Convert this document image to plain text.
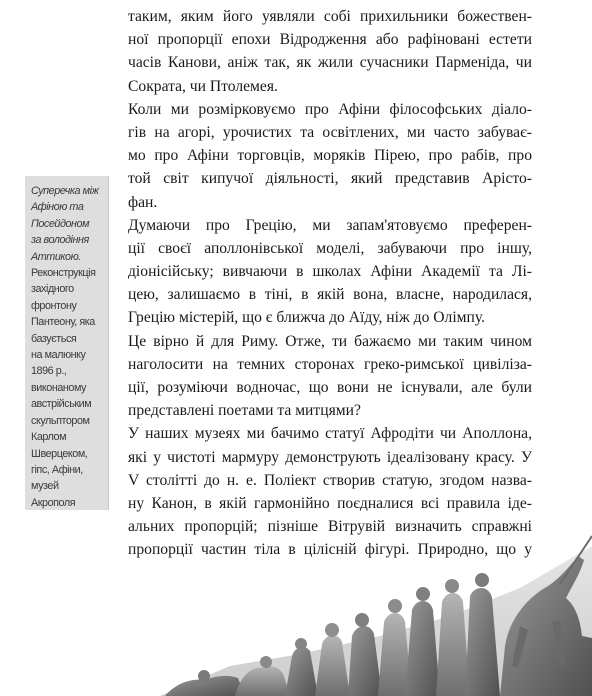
Суперечка між
Афіною та
Посейдоном
за володіння
Аттикою.
Реконструкція
західного
фронтону
Пантеону, яка
базується
на малюнку
1896 р.,
виконаному
австрійським
скульптором
Карлом
Шверцеком,
гіпс, Афіни,
музей
Акрополя
таким, яким його уявляли собі прихильники божествен-
ної пропорції епохи Відродження або рафіновані естети
часів Канови, аніж так, як жили сучасники Парменіда, чи
Сократа, чи Птолемея.
Коли ми розмірковуємо про Афіни філософських діало-
гів на агорі, урочистих та освітлених, ми часто забуває-
мо про Афіни торговців, моряків Пірею, про рабів, про
той світ кипучої діяльності, який представив Арісто-
фан.
Думаючи про Грецію, ми запам'ятовуємо преферен-
ції своєї аполлонівської моделі, забуваючи про іншу,
діонісійську; вивчаючи в школах Афіни Академії та Лі-
цею, залишаємо в тіні, в якій вона, власне, народилася,
Грецію містерій, що є ближча до Аїду, ніж до Олімпу.
Це вірно й для Риму. Отже, ти бажаємо ми таким чином
наголосити на темних сторонах греко-римської цивіліза-
ції, розуміючи водночас, що вони не існували, але були
представлені поетами та митцями?
У наших музеях ми бачимо статуї Афродіти чи Аполлона,
які у чистоті мармуру демонструють ідеалізовану красу. У
V столітті до н. е. Поліект створив статую, згодом назва-
ну Канон, в якій гармонійно поєдналися всі правила іде-
альних пропорцій; пізніше Вітрувій визначить справжні
пропорції частин тіла в цілісній фігурі. Природно, що у
